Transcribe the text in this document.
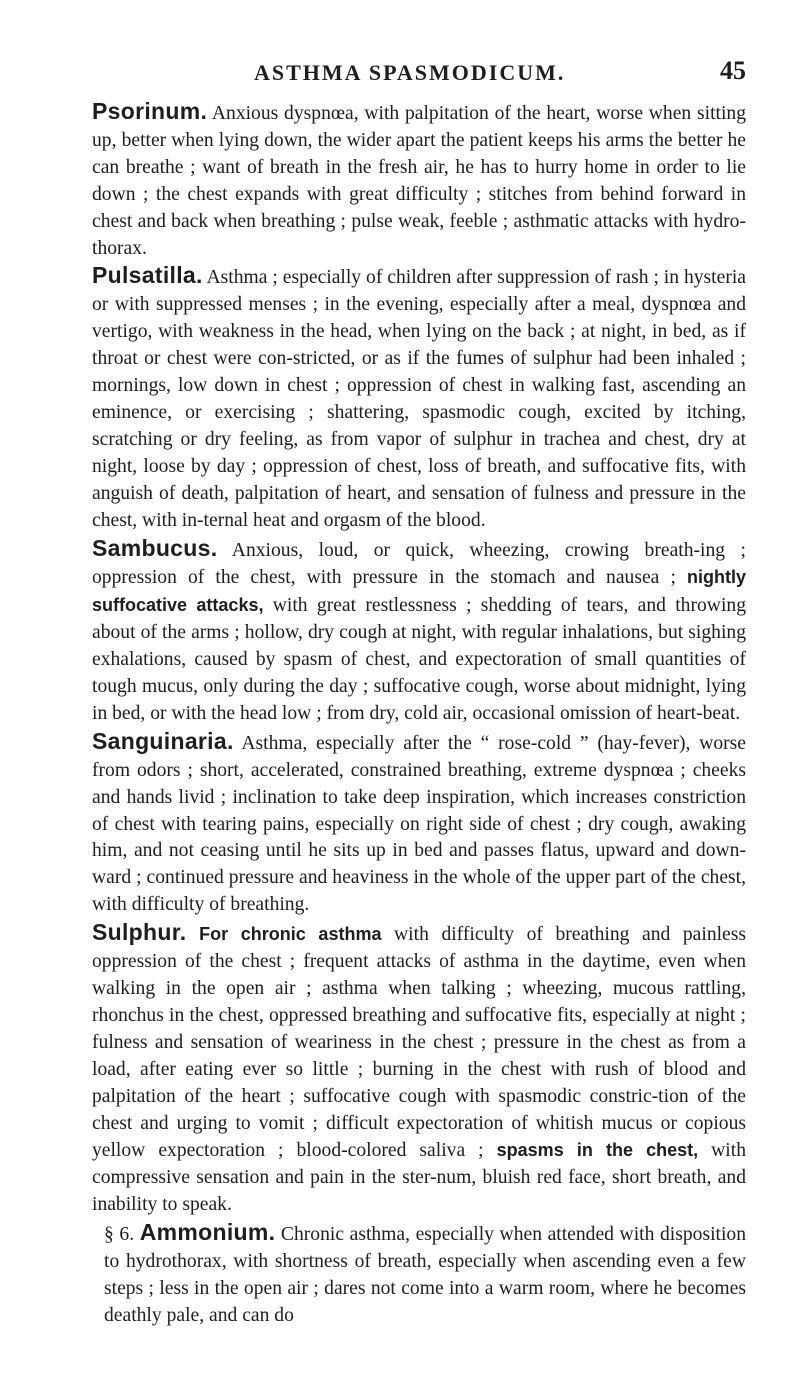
ASTHMA SPASMODICUM.	45

Psorinum. Anxious dyspnœa, with palpitation of the heart, worse when sitting up, better when lying down, the wider apart the patient keeps his arms the better he can breathe ; want of breath in the fresh air, he has to hurry home in order to lie down ; the chest expands with great difficulty ; stitches from behind forward in chest and back when breathing ; pulse weak, feeble ; asthmatic attacks with hydro-thorax.

Pulsatilla. Asthma ; especially of children after suppression of rash ; in hysteria or with suppressed menses ; in the evening, especially after a meal, dyspnœa and vertigo, with weakness in the head, when lying on the back ; at night, in bed, as if throat or chest were con-stricted, or as if the fumes of sulphur had been inhaled ; mornings, low down in chest ; oppression of chest in walking fast, ascending an eminence, or exercising ; shattering, spasmodic cough, excited by itching, scratching or dry feeling, as from vapor of sulphur in trachea and chest, dry at night, loose by day ; oppression of chest, loss of breath, and suffocative fits, with anguish of death, palpitation of heart, and sensation of fulness and pressure in the chest, with in-ternal heat and orgasm of the blood.

Sambucus. Anxious, loud, or quick, wheezing, crowing breath-ing ; oppression of the chest, with pressure in the stomach and nausea ; nightly suffocative attacks, with great restlessness ; shedding of tears, and throwing about of the arms ; hollow, dry cough at night, with regular inhalations, but sighing exhalations, caused by spasm of chest, and expectoration of small quantities of tough mucus, only during the day ; suffocative cough, worse about midnight, lying in bed, or with the head low ; from dry, cold air, occasional omission of heart-beat.

Sanguinaria. Asthma, especially after the “ rose-cold ” (hay-fever), worse from odors ; short, accelerated, constrained breathing, extreme dyspnœa ; cheeks and hands livid ; inclination to take deep inspiration, which increases constriction of chest with tearing pains, especially on right side of chest ; dry cough, awaking him, and not ceasing until he sits up in bed and passes flatus, upward and down-ward ; continued pressure and heaviness in the whole of the upper part of the chest, with difficulty of breathing.

Sulphur. For chronic asthma with difficulty of breathing and painless oppression of the chest ; frequent attacks of asthma in the daytime, even when walking in the open air ; asthma when talking ; wheezing, mucous rattling, rhonchus in the chest, oppressed breathing and suffocative fits, especially at night ; fulness and sensation of weariness in the chest ; pressure in the chest as from a load, after eating ever so little ; burning in the chest with rush of blood and palpitation of the heart ; suffocative cough with spasmodic constric-tion of the chest and urging to vomit ; difficult expectoration of whitish mucus or copious yellow expectoration ; blood-colored saliva ; spasms in the chest, with compressive sensation and pain in the ster-num, bluish red face, short breath, and inability to speak.

§ 6. Ammonium. Chronic asthma, especially when attended with disposition to hydrothorax, with shortness of breath, especially when ascending even a few steps ; less in the open air ; dares not come into a warm room, where he becomes deathly pale, and can do
